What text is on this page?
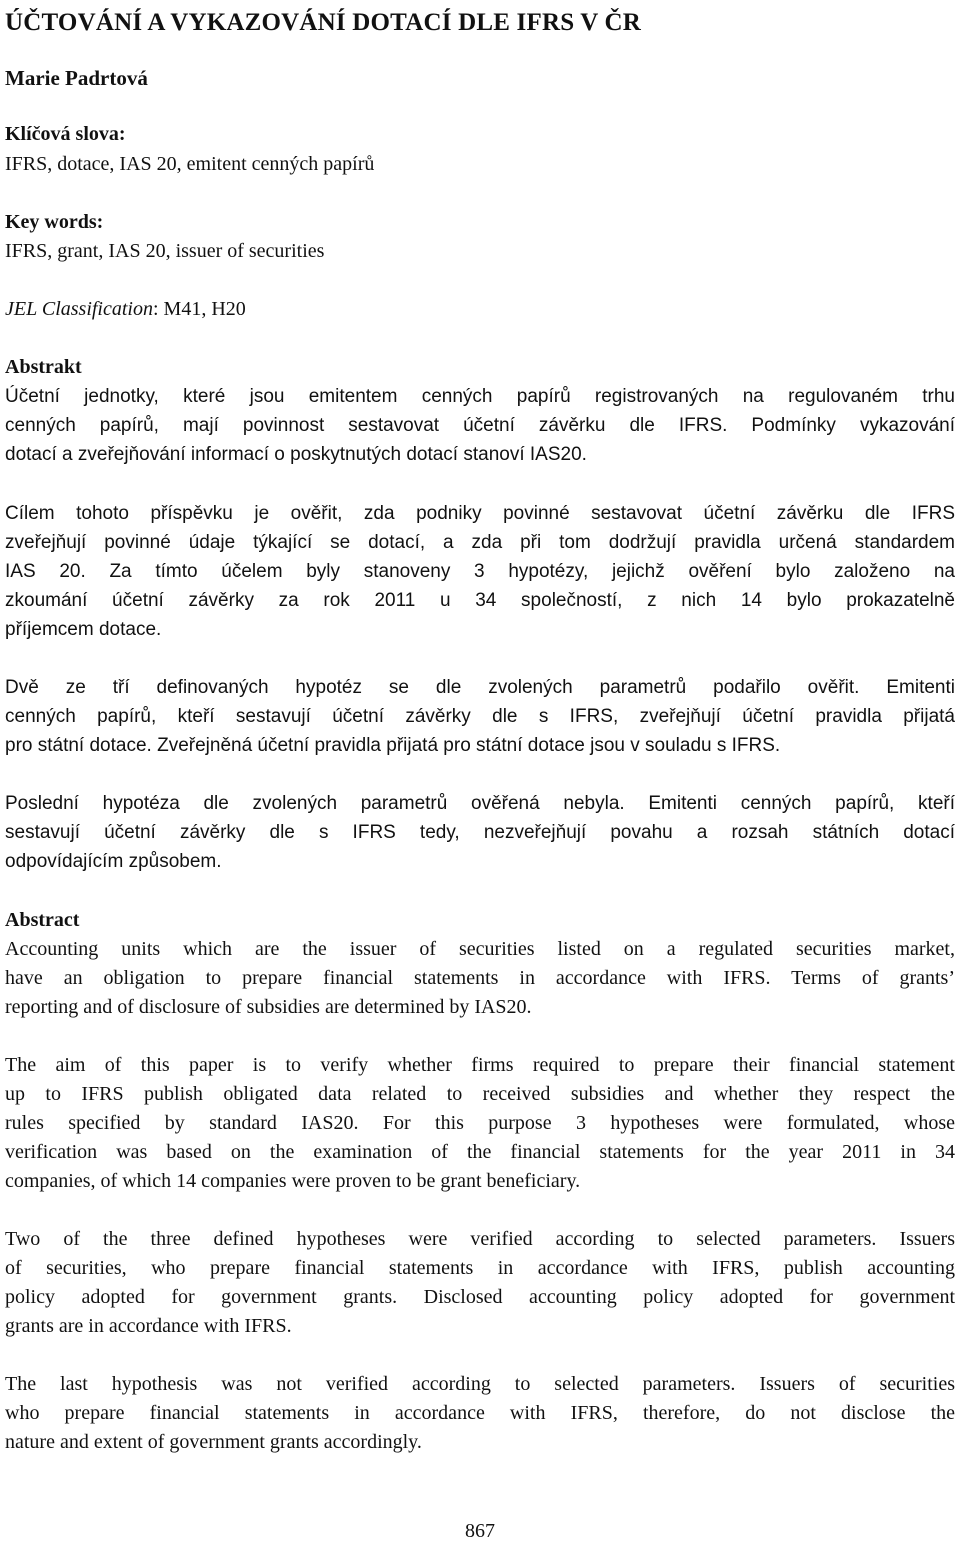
ÚČTOVÁNÍ A VYKAZOVÁNÍ DOTACÍ DLE IFRS V ČR
Marie Padrtová
Klíčová slova:
IFRS, dotace, IAS 20, emitent cenných papírů
Key words:
IFRS, grant, IAS 20, issuer of securities
JEL Classification: M41, H20
Abstrakt
Účetní jednotky, které jsou emitentem cenných papírů registrovaných na regulovaném trhu
cenných papírů, mají povinnost sestavovat účetní závěrku dle IFRS. Podmínky vykazování
dotací a zveřejňování informací o poskytnutých dotací stanoví IAS20.
Cílem tohoto příspěvku je ověřit, zda podniky povinné sestavovat účetní závěrku dle IFRS
zveřejňují povinné údaje týkající se dotací, a zda při tom dodržují pravidla určená standardem
IAS 20. Za tímto účelem byly stanoveny 3 hypotézy, jejichž ověření bylo založeno na
zkoumání účetní závěrky za rok 2011 u 34 společností, z nich 14 bylo prokazatelně
příjemcem dotace.
Dvě ze tří definovaných hypotéz se dle zvolených parametrů podařilo ověřit. Emitenti
cenných papírů, kteří sestavují účetní závěrky dle s IFRS, zveřejňují účetní pravidla přijatá
pro státní dotace. Zveřejněná účetní pravidla přijatá pro státní dotace jsou v souladu s IFRS.
Poslední hypotéza dle zvolených parametrů ověřená nebyla. Emitenti cenných papírů, kteří
sestavují účetní závěrky dle s IFRS tedy, nezveřejňují povahu a rozsah státních dotací
odpovídajícím způsobem.
Abstract
Accounting units which are the issuer of securities listed on a regulated securities market,
have an obligation to prepare financial statements in accordance with IFRS. Terms of grants’
reporting and of disclosure of subsidies are determined by IAS20.
The aim of this paper is to verify whether firms required to prepare their financial statement
up to IFRS publish obligated data related to received subsidies and whether they respect the
rules specified by standard IAS20. For this purpose 3 hypotheses were formulated, whose
verification was based on the examination of the financial statements for the year 2011 in 34
companies, of which 14 companies were proven to be grant beneficiary.
Two of the three defined hypotheses were verified according to selected parameters. Issuers
of securities, who prepare financial statements in accordance with IFRS, publish accounting
policy adopted for government grants. Disclosed accounting policy adopted for government
grants are in accordance with IFRS.
The last hypothesis was not verified according to selected parameters. Issuers of securities
who prepare financial statements in accordance with IFRS, therefore, do not disclose the
nature and extent of government grants accordingly.
867
